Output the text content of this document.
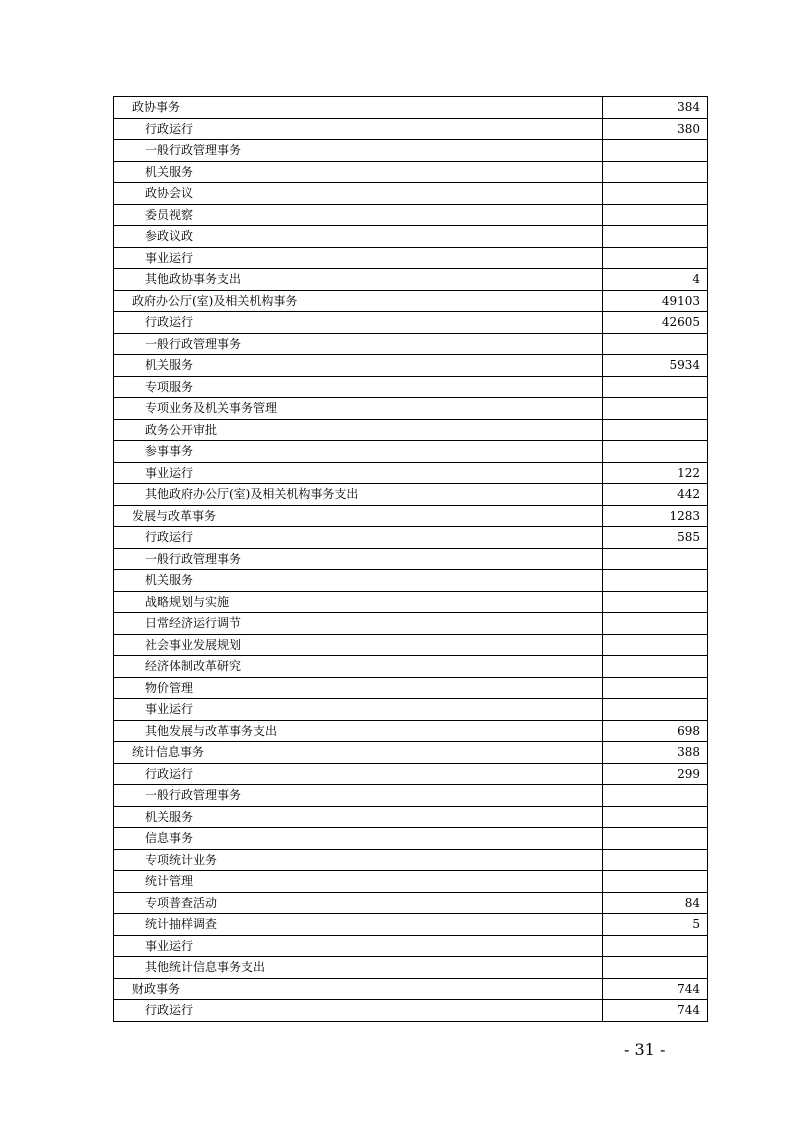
政协事务	384
行政运行	380
一般行政管理事务	
机关服务	
政协会议	
委员视察	
参政议政	
事业运行	
其他政协事务支出	4
政府办公厅(室)及相关机构事务	49103
行政运行	42605
一般行政管理事务	
机关服务	5934
专项服务	
专项业务及机关事务管理	
政务公开审批	
参事事务	
事业运行	122
其他政府办公厅(室)及相关机构事务支出	442
发展与改革事务	1283
行政运行	585
一般行政管理事务	
机关服务	
战略规划与实施	
日常经济运行调节	
社会事业发展规划	
经济体制改革研究	
物价管理	
事业运行	
其他发展与改革事务支出	698
统计信息事务	388
行政运行	299
一般行政管理事务	
机关服务	
信息事务	
专项统计业务	
统计管理	
专项普查活动	84
统计抽样调查	5
事业运行	
其他统计信息事务支出	
财政事务	744
行政运行	744
- 31 -
